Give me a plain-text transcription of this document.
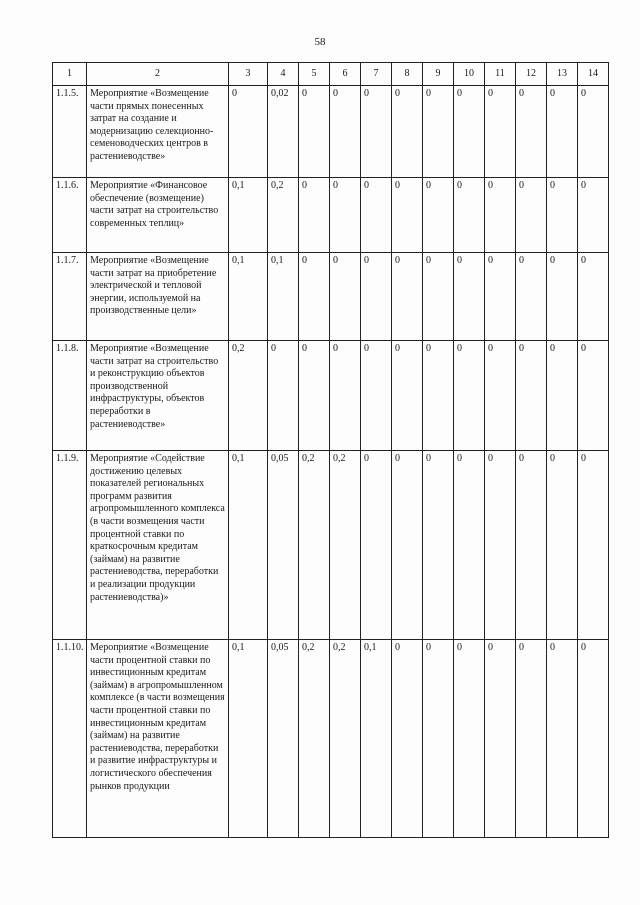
58
1	2	3	4	5	6	7	8	9	10	11	12	13	14
1.1.5.	Мероприятие «Возмещение части прямых понесенных затрат на создание и модернизацию селекционно-семеноводческих центров в растениеводстве»	0	0,02	0	0	0	0	0	0	0	0	0	0
1.1.6.	Мероприятие «Финансовое обеспечение (возмещение) части затрат на строительство современных теплиц»	0,1	0,2	0	0	0	0	0	0	0	0	0	0
1.1.7.	Мероприятие «Возмещение части затрат на приобретение электрической и тепловой энергии, используемой на производственные цели»	0,1	0,1	0	0	0	0	0	0	0	0	0	0
1.1.8.	Мероприятие «Возмещение части затрат на строительство и реконструкцию объектов производственной инфраструктуры, объектов переработки в растениеводстве»	0,2	0	0	0	0	0	0	0	0	0	0	0
1.1.9.	Мероприятие «Содействие достижению целевых показателей региональных программ развития агропромышленного комплекса (в части возмещения части процентной ставки по краткосрочным кредитам (займам) на развитие растениеводства, переработки и реализации продукции растениеводства)»	0,1	0,05	0,2	0,2	0	0	0	0	0	0	0	0
1.1.10.	Мероприятие «Возмещение части процентной ставки по инвестиционным кредитам (займам) в агропромышленном комплексе (в части возмещения части процентной ставки по инвестиционным кредитам (займам) на развитие растениеводства, переработки и развитие инфраструктуры и логистического обеспечения рынков продукции	0,1	0,05	0,2	0,2	0,1	0	0	0	0	0	0	0
